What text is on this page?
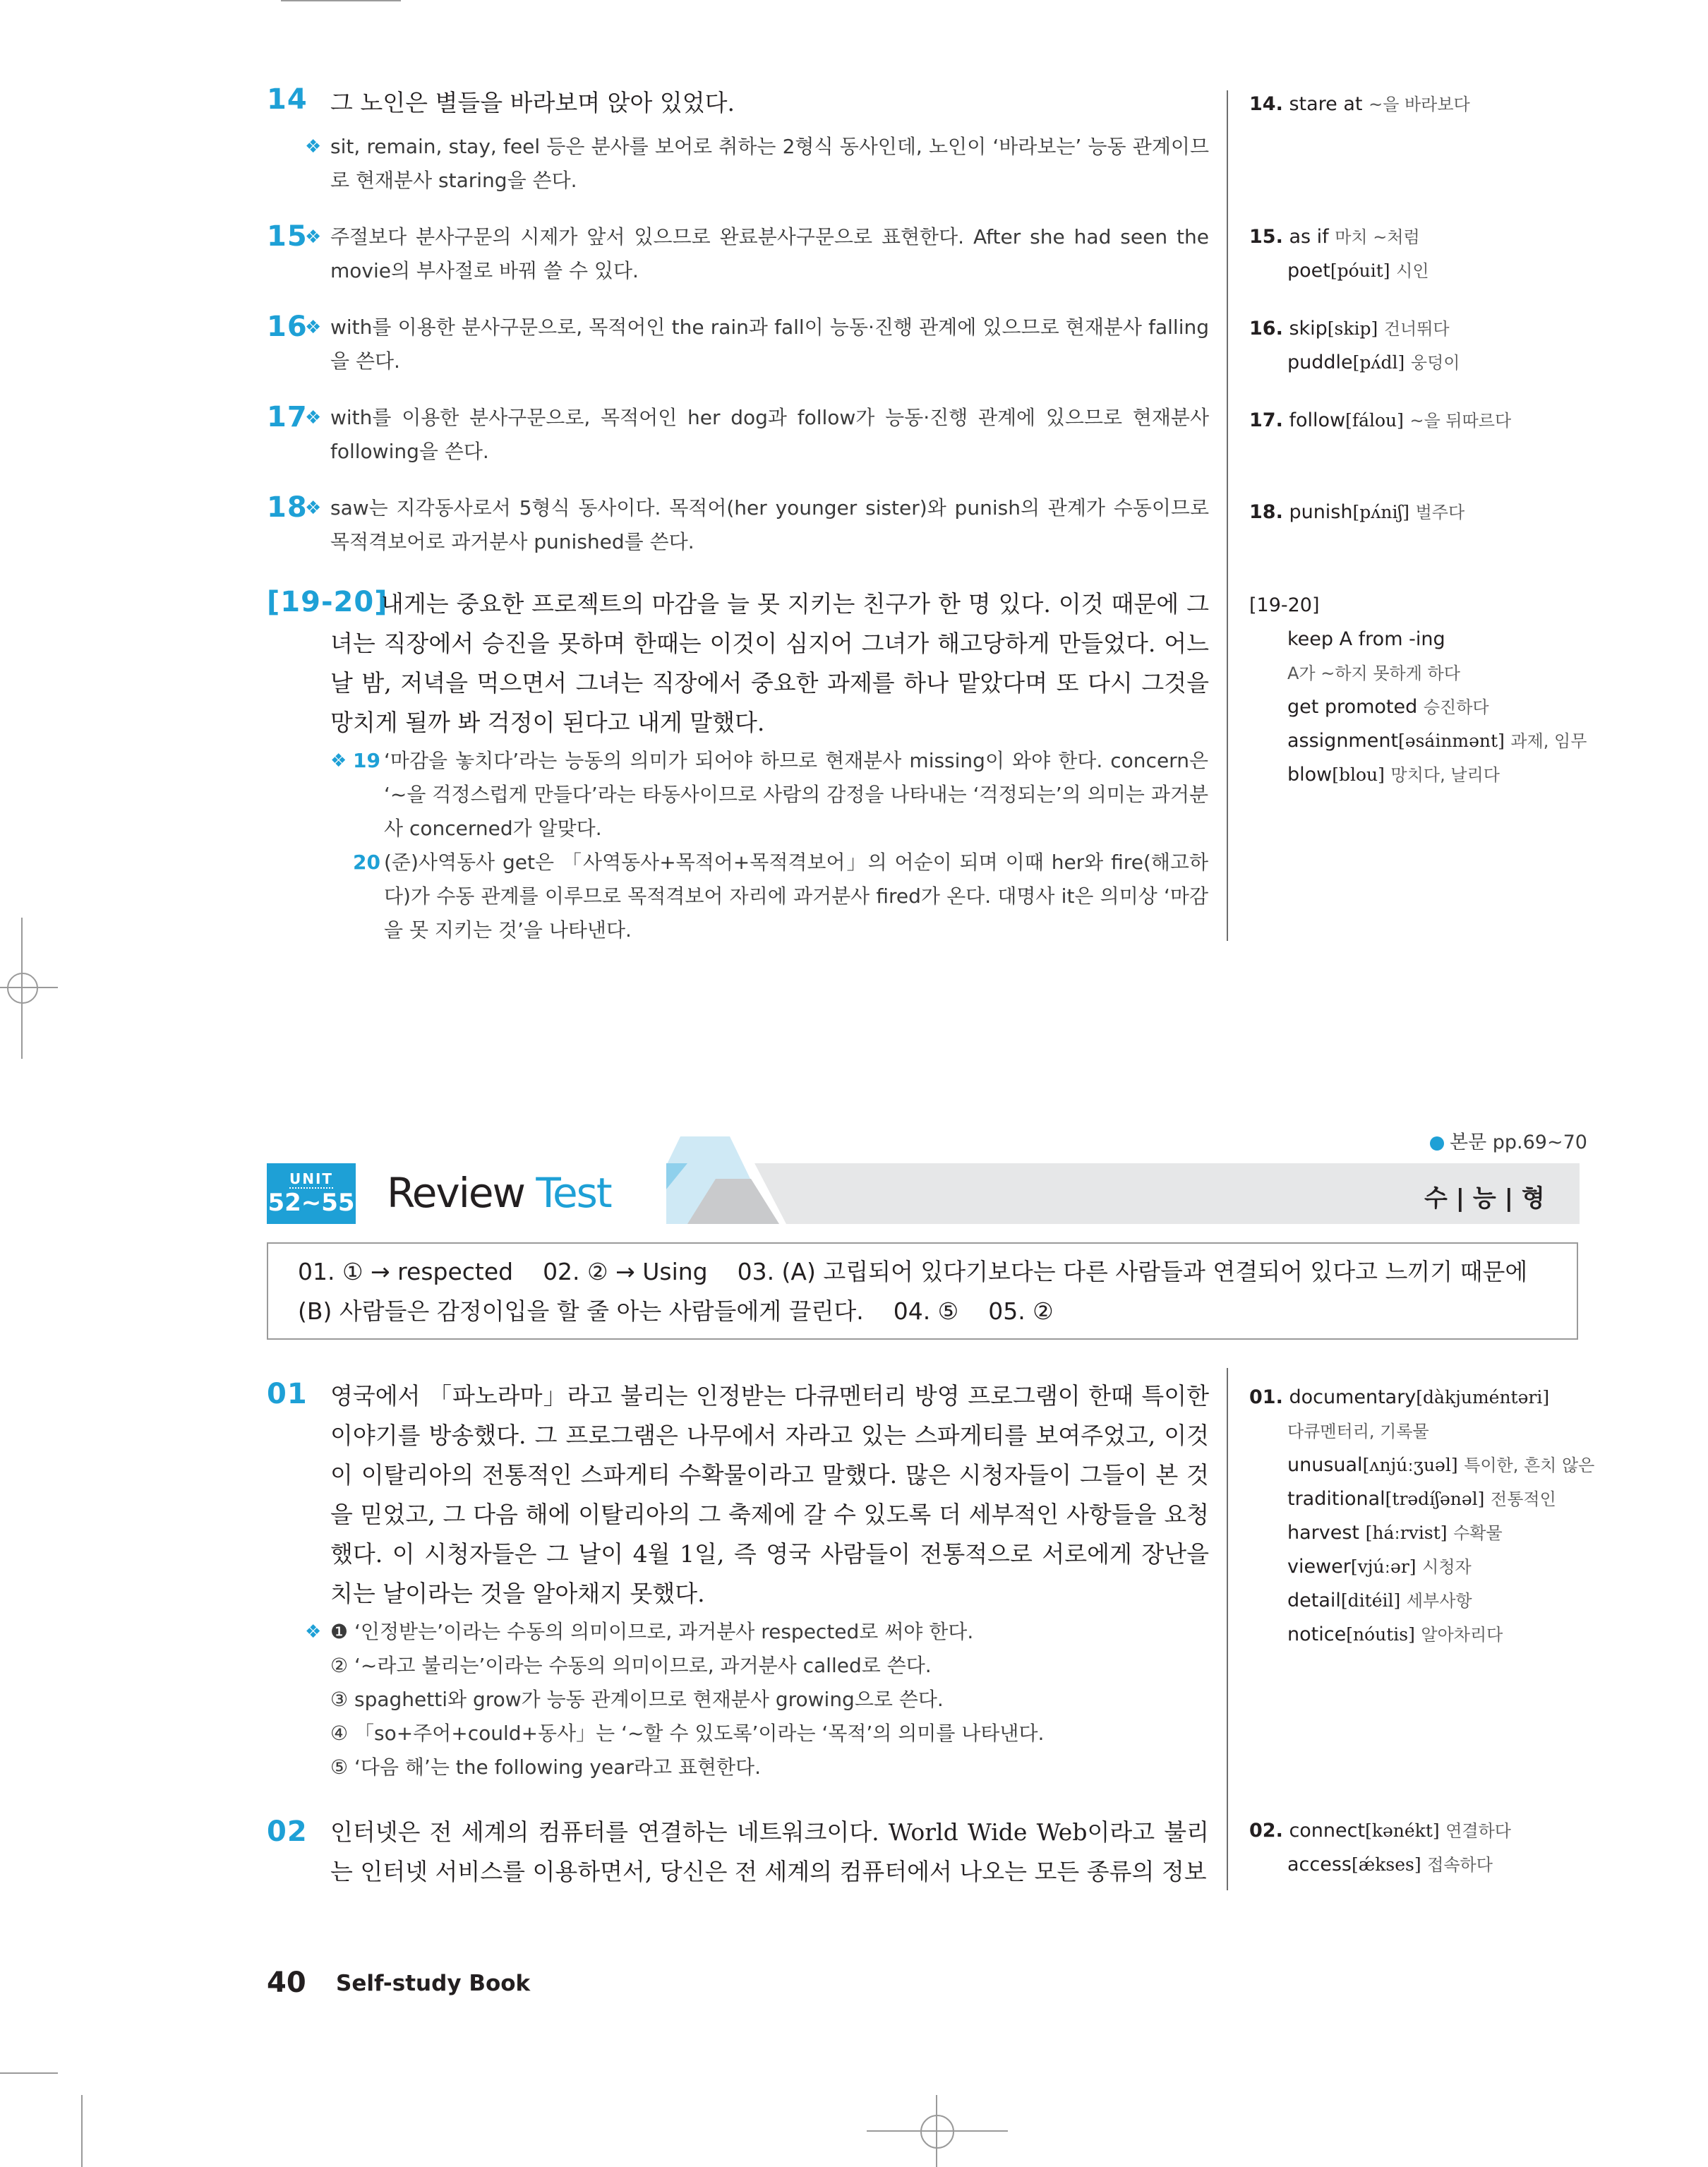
14 그 노인은 별들을 바라보며 앉아 있었다.
❖ sit, remain, stay, feel 등은 분사를 보어로 취하는 2형식 동사인데, 노인이 ‘바라보는’ 능동 관계이므로 현재분사 staring을 쓴다.
15
❖ 주절보다 분사구문의 시제가 앞서 있으므로 완료분사구문으로 표현한다. After she had seen the movie의 부사절로 바꿔 쓸 수 있다.
16
❖ with를 이용한 분사구문으로, 목적어인 the rain과 fall이 능동·진행 관계에 있으므로 현재분사 falling을 쓴다.
17
❖ with를 이용한 분사구문으로, 목적어인 her dog과 follow가 능동·진행 관계에 있으므로 현재분사 following을 쓴다.
18
❖ saw는 지각동사로서 5형식 동사이다. 목적어(her younger sister)와 punish의 관계가 수동이므로 목적격보어로 과거분사 punished를 쓴다.
[19-20]
내게는 중요한 프로젝트의 마감을 늘 못 지키는 친구가 한 명 있다. 이것 때문에 그녀는 직장에서 승진을 못하며 한때는 이것이 심지어 그녀가 해고당하게 만들었다. 어느 날 밤, 저녁을 먹으면서 그녀는 직장에서 중요한 과제를 하나 맡았다며 또 다시 그것을 망치게 될까 봐 걱정이 된다고 내게 말했다.
❖ 19 ‘마감을 놓치다’라는 능동의 의미가 되어야 하므로 현재분사 missing이 와야 한다. concern은 ‘~을 걱정스럽게 만들다’라는 타동사이므로 사람의 감정을 나타내는 ‘걱정되는’의 의미는 과거분사 concerned가 알맞다.
20 (준)사역동사 get은 「사역동사+목적어+목적격보어」의 어순이 되며 이때 her와 fire(해고하다)가 수동 관계를 이루므로 목적격보어 자리에 과거분사 fired가 온다. 대명사 it은 의미상 ‘마감을 못 지키는 것’을 나타낸다.
14. stare at ~을 바라보다
15. as if 마치 ~처럼
poet[póuit] 시인
16. skip[skip] 건너뛰다
puddle[pʌ́dl] 웅덩이
17. follow[fálou] ~을 뒤따르다
18. punish[pʌ́niʃ] 벌주다
[19-20]
keep A from -ing
A가 ~하지 못하게 하다
get promoted 승진하다
assignment[əsáinmənt] 과제, 임무
blow[blou] 망치다, 날리다
본문 pp.69~70
UNIT
52~55 Review Test	수 | 능 | 형
01. ① → respected    02. ② → Using    03. (A) 고립되어 있다기보다는 다른 사람들과 연결되어 있다고 느끼기 때문에
(B) 사람들은 감정이입을 할 줄 아는 사람들에게 끌린다.    04. ⑤    05. ②
01 영국에서 「파노라마」라고 불리는 인정받는 다큐멘터리 방영 프로그램이 한때 특이한 이야기를 방송했다. 그 프로그램은 나무에서 자라고 있는 스파게티를 보여주었고, 이것이 이탈리아의 전통적인 스파게티 수확물이라고 말했다. 많은 시청자들이 그들이 본 것을 믿었고, 그 다음 해에 이탈리아의 그 축제에 갈 수 있도록 더 세부적인 사항들을 요청했다. 이 시청자들은 그 날이 4월 1일, 즉 영국 사람들이 전통적으로 서로에게 장난을 치는 날이라는 것을 알아채지 못했다.
❖ ❶ ‘인정받는’이라는 수동의 의미이므로, 과거분사 respected로 써야 한다.
② ‘~라고 불리는’이라는 수동의 의미이므로, 과거분사 called로 쓴다.
③ spaghetti와 grow가 능동 관계이므로 현재분사 growing으로 쓴다.
④ 「so+주어+could+동사」는 ‘~할 수 있도록’이라는 ‘목적’의 의미를 나타낸다.
⑤ ‘다음 해’는 the following year라고 표현한다.
01. documentary[dàkjuméntəri]
다큐멘터리, 기록물
unusual[ʌnjúːʒuəl] 특이한, 흔치 않은
traditional[trədíʃənəl] 전통적인
harvest [háːrvist] 수확물
viewer[vjúːər] 시청자
detail[ditéil] 세부사항
notice[nóutis] 알아차리다
02 인터넷은 전 세계의 컴퓨터를 연결하는 네트워크이다. World Wide Web이라고 불리는 인터넷 서비스를 이용하면서, 당신은 전 세계의 컴퓨터에서 나오는 모든 종류의 정보
02. connect[kənékt] 연결하다
access[ǽkses] 접속하다
40 Self-study Book
